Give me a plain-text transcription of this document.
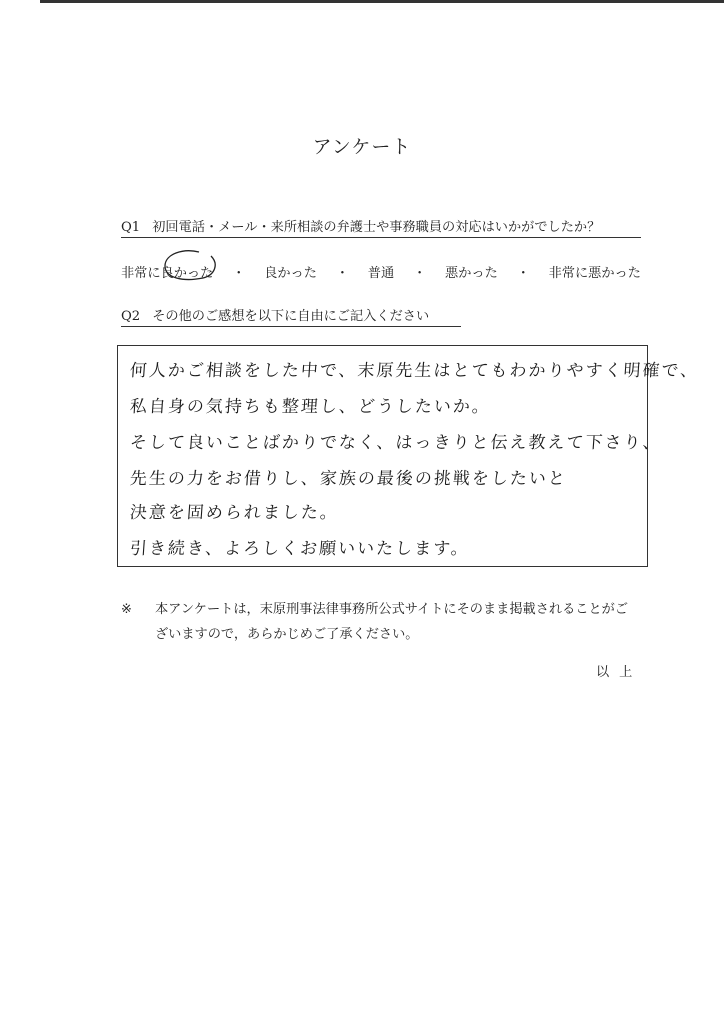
アンケート
Q1 初回電話・メール・来所相談の弁護士や事務職員の対応はいかがでしたか？
非常に良かった ・ 良かった ・ 普通 ・ 悪かった ・ 非常に悪かった
Q2 その他のご感想を以下に自由にご記入ください
何人かご相談をした中で、末原先生はとてもわかりやすく明確で、
私自身の気持ちも整理し、どうしたいか。
そして良いことばかりでなく、はっきりと伝え教えて下さり、
先生の力をお借りし、家族の最後の挑戦をしたいと
決意を固められました。
引き続き、よろしくお願いいたします。
※ 本アンケートは，末原刑事法律事務所公式サイトにそのまま掲載されることがございますので，あらかじめご了承ください。
以上
